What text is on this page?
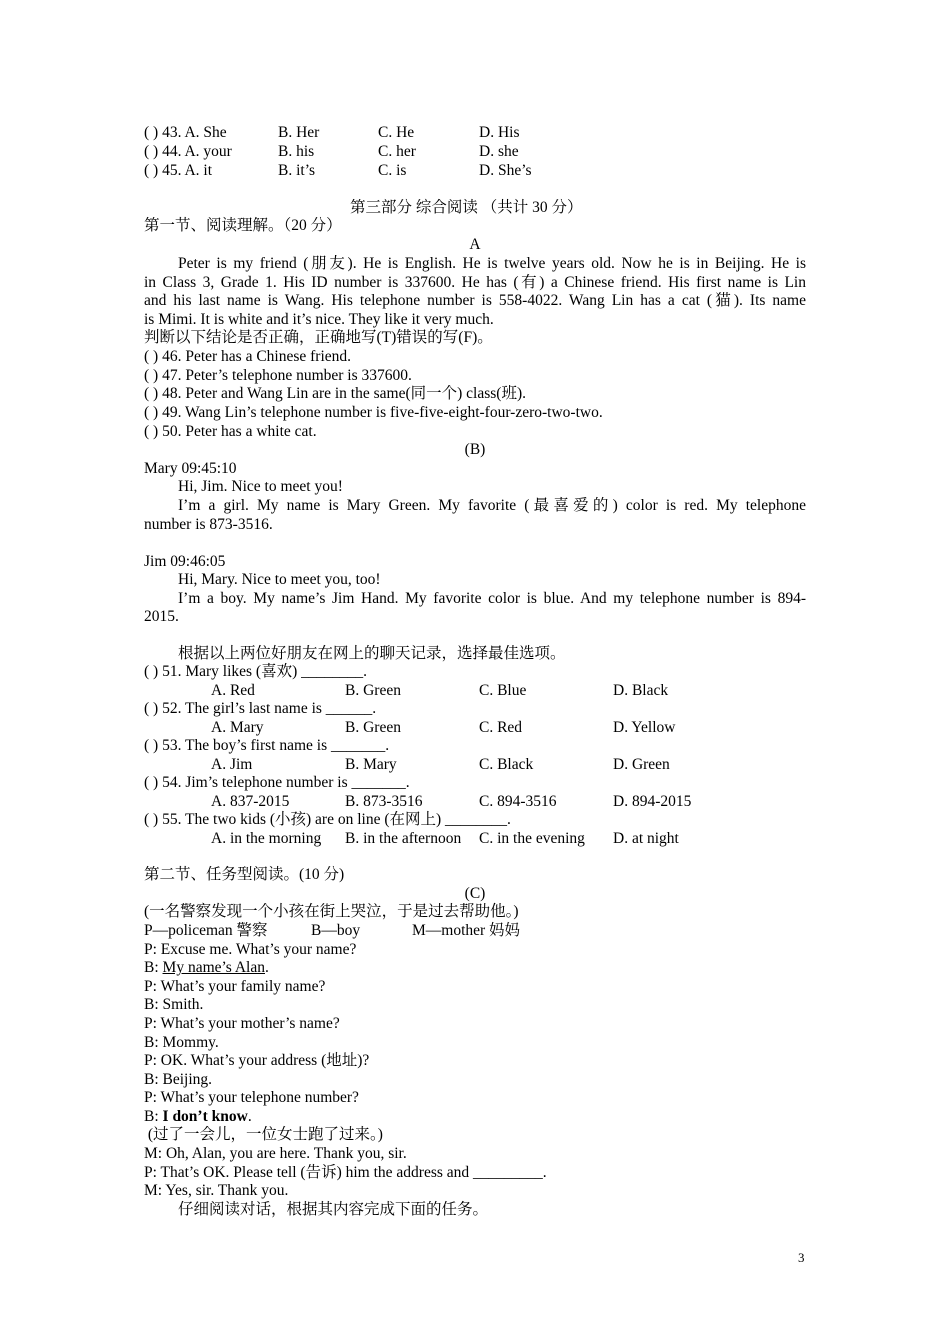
( ) 43. A. She	B. Her	C. He	D. His
( ) 44. A. your	B. his	C. her	D. she
( ) 45. A. it	B. it’s	C. is	D. She’s
第三部分 综合阅读 （共计 30 分）
第一节、阅读理解。（20 分）
A
Peter is my friend (朋友). He is English. He is twelve years old. Now he is in Beijing. He is
in Class 3, Grade 1. His ID number is 337600. He has (有) a Chinese friend. His first name is Lin
and his last name is Wang. His telephone number is 558-4022. Wang Lin has a cat (猫). Its name
is Mimi. It is white and it’s nice. They like it very much.
判断以下结论是否正确，正确地写(T)错误的写(F)。
( ) 46. Peter has a Chinese friend.
( ) 47. Peter’s telephone number is 337600.
( ) 48. Peter and Wang Lin are in the same(同一个) class(班).
( ) 49. Wang Lin’s telephone number is five-five-eight-four-zero-two-two.
( ) 50. Peter has a white cat.
(B)
Mary 09:45:10
Hi, Jim. Nice to meet you!
I’m a girl. My name is Mary Green. My favorite (最喜爱的) color is red. My telephone
number is 873-3516.
Jim 09:46:05
Hi, Mary. Nice to meet you, too!
I’m a boy. My name’s Jim Hand. My favorite color is blue. And my telephone number is 894-
2015.
根据以上两位好朋友在网上的聊天记录，选择最佳选项。
( ) 51. Mary likes (喜欢) ________.
A. Red	B. Green	C. Blue	D. Black
( ) 52. The girl’s last name is ______.
A. Mary	B. Green	C. Red	D. Yellow
( ) 53. The boy’s first name is _______.
A. Jim	B. Mary	C. Black	D. Green
( ) 54. Jim’s telephone number is _______.
A. 837-2015	B. 873-3516	C. 894-3516	D. 894-2015
( ) 55. The two kids (小孩) are on line (在网上) ________.
A. in the morning B. in the afternoon C. in the evening D. at night
第二节、任务型阅读。(10 分)
(C)
(一名警察发现一个小孩在街上哭泣，于是过去帮助他。)
P—policeman 警察	B—boy	M—mother 妈妈
P: Excuse me. What’s your name?
B: My name’s Alan.
P: What’s your family name?
B: Smith.
P: What’s your mother’s name?
B: Mommy.
P: OK. What’s your address (地址)?
B: Beijing.
P: What’s your telephone number?
B: I don’t know.
(过了一会儿，一位女士跑了过来。)
M: Oh, Alan, you are here. Thank you, sir.
P: That’s OK. Please tell (告诉) him the address and _________.
M: Yes, sir. Thank you.
仔细阅读对话，根据其内容完成下面的任务。
3
